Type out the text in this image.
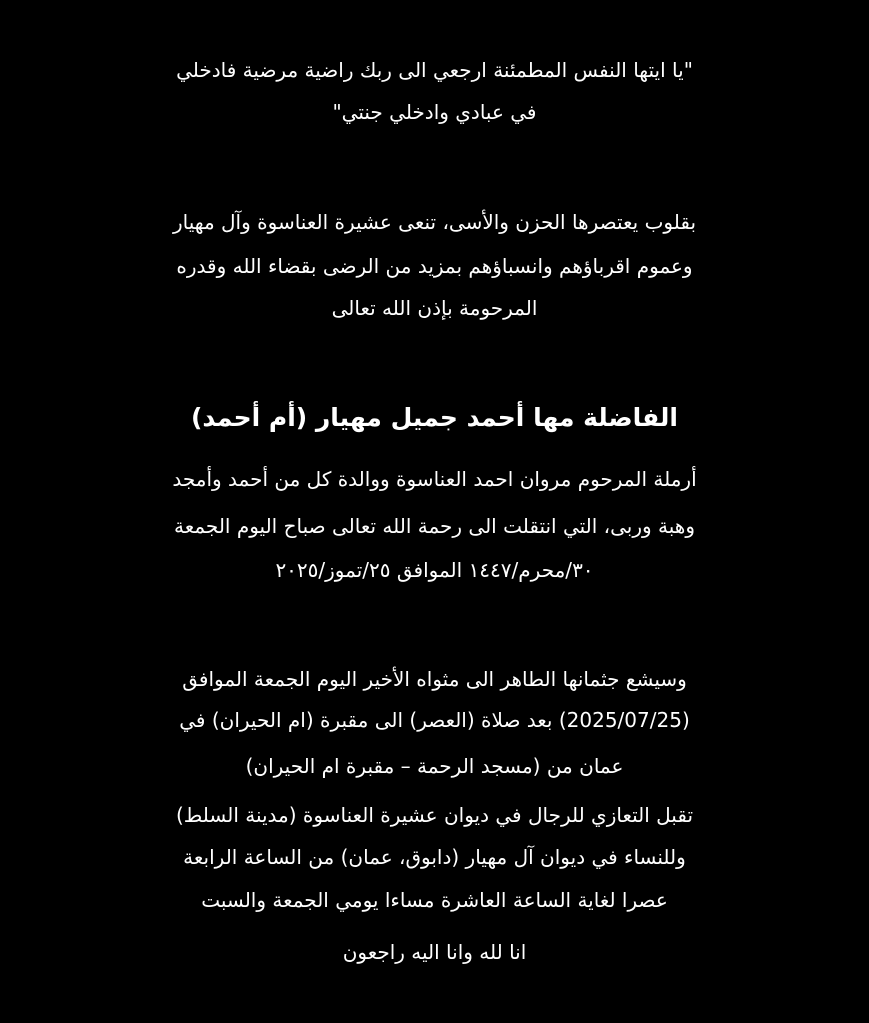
"يا ايتها النفس المطمئنة ارجعي الى ربك راضية مرضية فادخلي
في عبادي وادخلي جنتي"
بقلوب يعتصرها الحزن والأسى، تنعى عشيرة العناسوة وآل مهيار
وعموم اقرباؤهم وانسباؤهم بمزيد من الرضى بقضاء الله وقدره
المرحومة بإذن الله تعالى
الفاضلة مها أحمد جميل مهيار (أم أحمد)
أرملة المرحوم مروان احمد العناسوة ووالدة كل من أحمد وأمجد
وهبة وربى، التي انتقلت الى رحمة الله تعالى صباح اليوم الجمعة
٣٠/محرم/١٤٤٧ الموافق ٢٥/تموز/٢٠٢٥
وسيشع جثمانها الطاهر الى مثواه الأخير اليوم الجمعة الموافق
(2025/07/25) بعد صلاة (العصر) الى مقبرة (ام الحيران) في
عمان من (مسجد الرحمة – مقبرة ام الحيران)
تقبل التعازي للرجال في ديوان عشيرة العناسوة (مدينة السلط)
وللنساء في ديوان آل مهيار (دابوق، عمان) من الساعة الرابعة
عصرا لغاية الساعة العاشرة مساءا يومي الجمعة والسبت
انا لله وانا اليه راجعون
